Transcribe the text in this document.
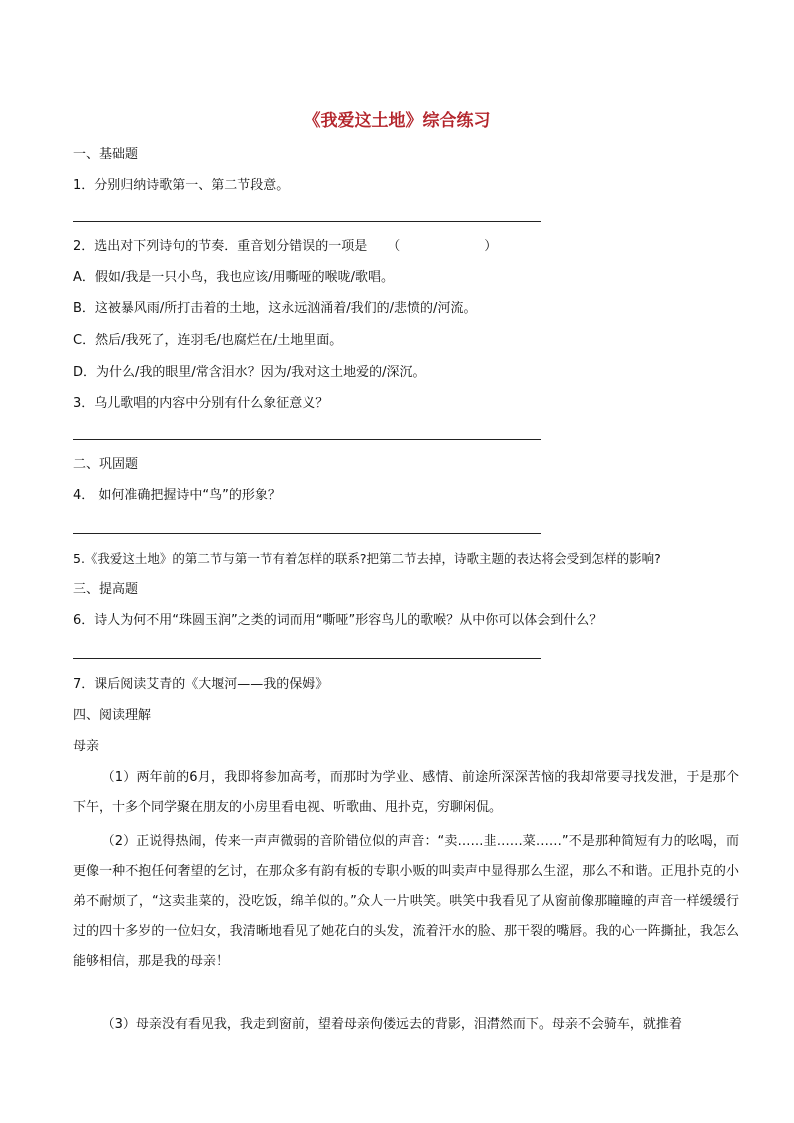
《我爱这土地》综合练习
一、基础题
1．分别归纳诗歌第一、第二节段意。
2．选出对下列诗句的节奏．重音划分错误的一项是 （	）

A．假如/我是一只小鸟，我也应该/用嘶哑的喉咙/歌唱。
B．这被暴风雨/所打击着的土地，这永远汹涌着/我们的/悲愤的/河流。
C．然后/我死了，连羽毛/也腐烂在/土地里面。
D．为什么/我的眼里/常含泪水？因为/我对这土地爱的/深沉。
3．乌儿歌唱的内容中分别有什么象征意义？
二、巩固题
4． 如何准确把握诗中“鸟”的形象？
5.《我爱这土地》的第二节与第一节有着怎样的联系?把第二节去掉，诗歌主题的表达将会受到怎样的影响?
三、提高题
6．诗人为何不用“珠圆玉润”之类的词而用“嘶哑”形容鸟儿的歌喉？从中你可以体会到什么？
7．课后阅读艾青的《大堰河——我的保姆》
四、阅读理解
母亲
（1）两年前的6月，我即将参加高考，而那时为学业、感情、前途所深深苦恼的我却常要寻找发泄，于是那个下午，十多个同学聚在朋友的小房里看电视、听歌曲、甩扑克，穷聊闲侃。
（2）正说得热闹，传来一声声微弱的音阶错位似的声音：“卖……韭……菜……”不是那种简短有力的吆喝，而更像一种不抱任何奢望的乞讨，在那众多有韵有板的专职小贩的叫卖声中显得那么生涩，那么不和谐。正甩扑克的小弟不耐烦了，“这卖韭菜的，没吃饭，绵羊似的。”众人一片哄笑。哄笑中我看见了从窗前像那瞳瞳的声音一样缓缓行过的四十多岁的一位妇女，我清晰地看见了她花白的头发，流着汗水的脸、那干裂的嘴唇。我的心一阵撕扯，我怎么能够相信，那是我的母亲！
（3）母亲没有看见我，我走到窗前，望着母亲佝偻远去的背影，泪潸然而下。母亲不会骑车，就推着
